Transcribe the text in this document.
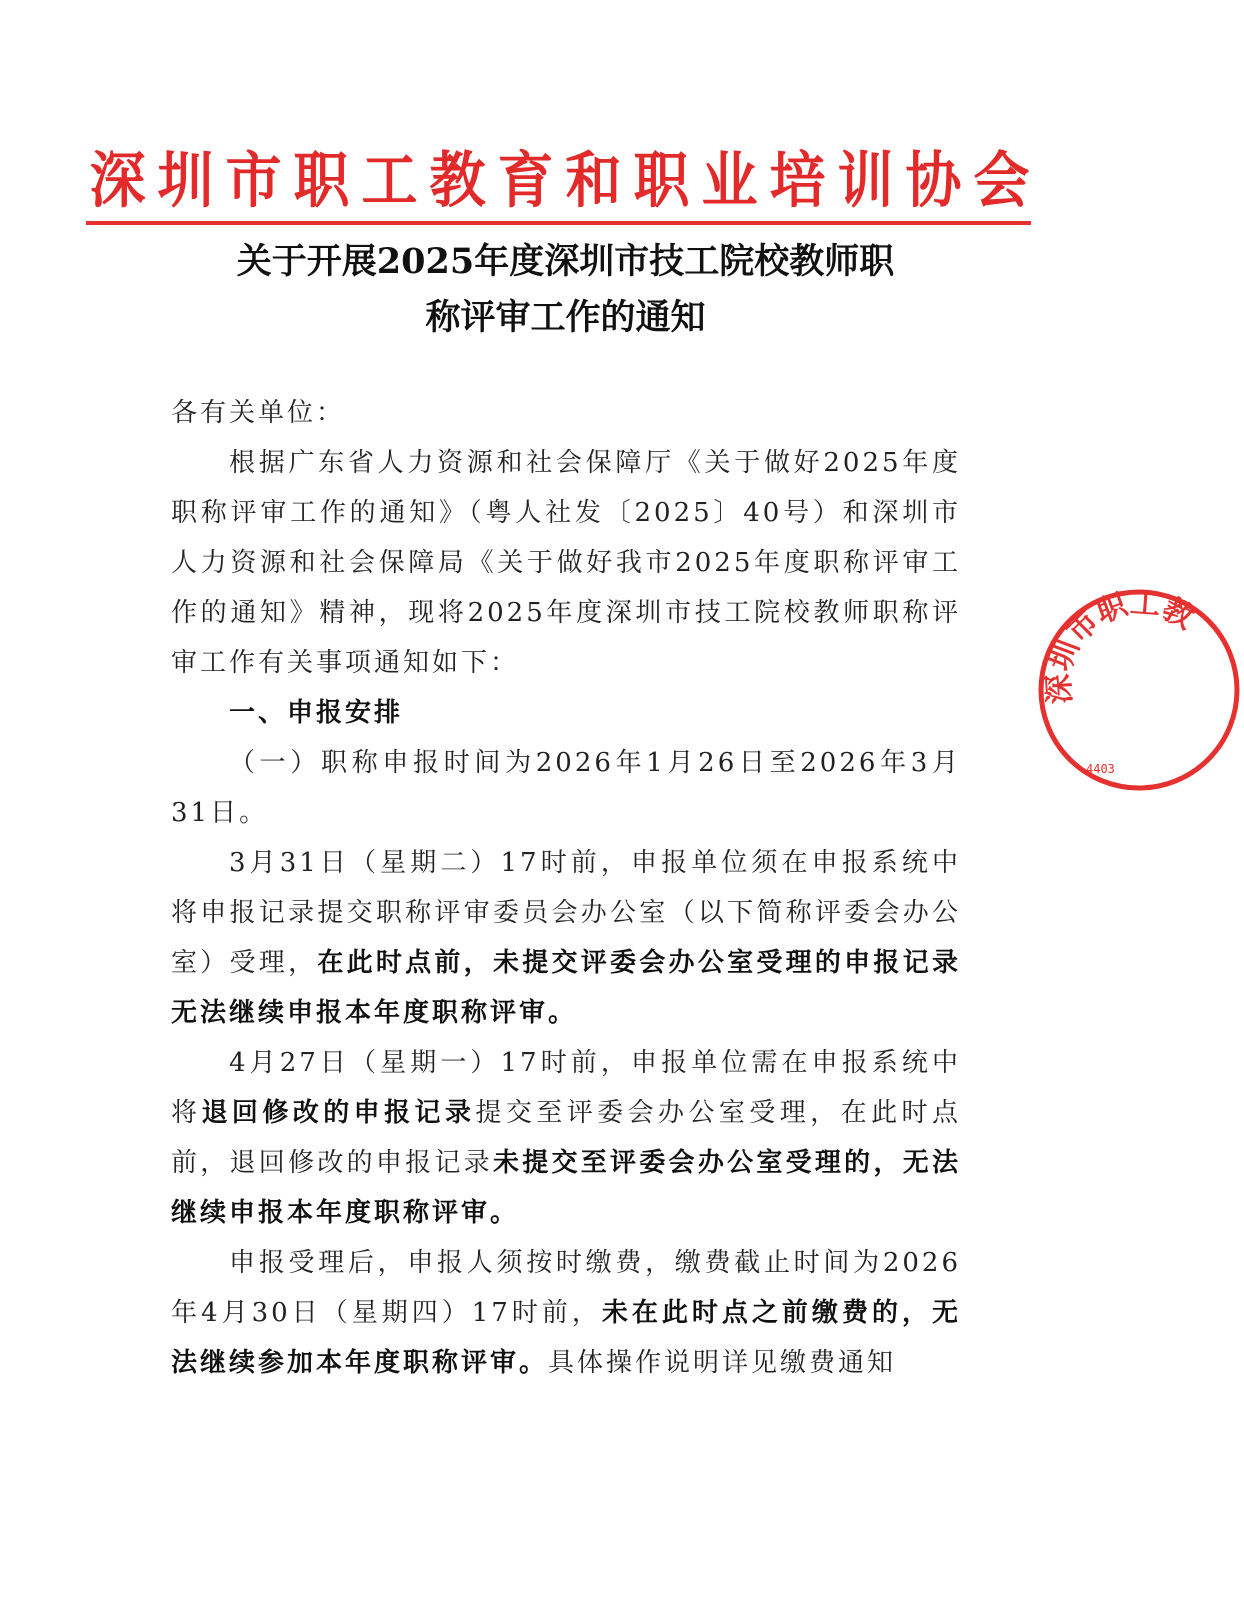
深圳市职工教育和职业培训协会
关于开展2025年度深圳市技工院校教师职
称评审工作的通知

各有关单位：

根据广东省人力资源和社会保障厅《关于做好2025年度职称评审工作的通知》（粤人社发〔2025〕40号）和深圳市人力资源和社会保障局《关于做好我市2025年度职称评审工作的通知》精神，现将2025年度深圳市技工院校教师职称评审工作有关事项通知如下：

一、申报安排

（一）职称申报时间为2026年1月26日至2026年3月31日。

3月31日（星期二）17时前，申报单位须在申报系统中将申报记录提交职称评审委员会办公室（以下简称评委会办公室）受理，在此时点前，未提交评委会办公室受理的申报记录无法继续申报本年度职称评审。

4月27日（星期一）17时前，申报单位需在申报系统中将退回修改的申报记录提交至评委会办公室受理，在此时点前，退回修改的申报记录未提交至评委会办公室受理的，无法继续申报本年度职称评审。

申报受理后，申报人须按时缴费，缴费截止时间为2026年4月30日（星期四）17时前，未在此时点之前缴费的，无法继续参加本年度职称评审。具体操作说明详见缴费通知

深圳市职工教
4403
